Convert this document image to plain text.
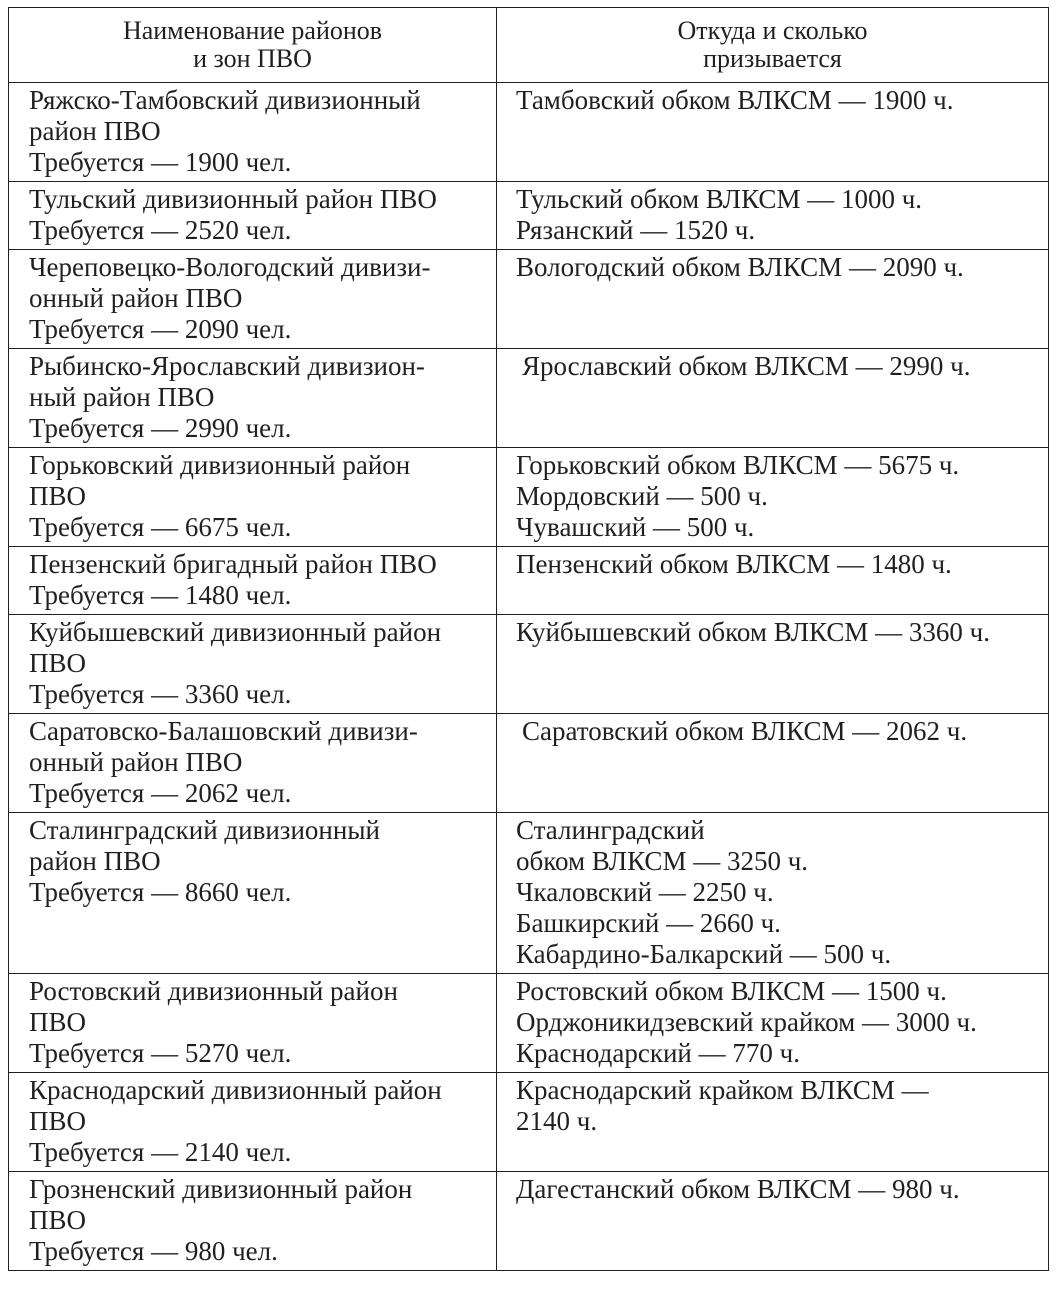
Наименование районов
и зон ПВО	Откуда и сколько
призывается

Ряжско-Тамбовский дивизионный
район ПВО
Требуется — 1900 чел.	Тамбовский обком ВЛКСМ — 1900 ч.

Тульский дивизионный район ПВО
Требуется — 2520 чел.	Тульский обком ВЛКСМ — 1000 ч.
Рязанский — 1520 ч.

Череповецко-Вологодский дивизи-
онный район ПВО
Требуется — 2090 чел.	Вологодский обком ВЛКСМ — 2090 ч.

Рыбинско-Ярославский дивизион-
ный район ПВО
Требуется — 2990 чел.	Ярославский обком ВЛКСМ — 2990 ч.

Горьковский дивизионный район
ПВО
Требуется — 6675 чел.	Горьковский обком ВЛКСМ — 5675 ч.
Мордовский — 500 ч.
Чувашский — 500 ч.

Пензенский бригадный район ПВО
Требуется — 1480 чел.	Пензенский обком ВЛКСМ — 1480 ч.

Куйбышевский дивизионный район
ПВО
Требуется — 3360 чел.	Куйбышевский обком ВЛКСМ — 3360 ч.

Саратовско-Балашовский дивизи-
онный район ПВО
Требуется — 2062 чел.	Саратовский обком ВЛКСМ — 2062 ч.

Сталинградский дивизионный
район ПВО
Требуется — 8660 чел.	Сталинградский
обком ВЛКСМ — 3250 ч.
Чкаловский — 2250 ч.
Башкирский — 2660 ч.
Кабардино-Балкарский — 500 ч.

Ростовский дивизионный район
ПВО
Требуется — 5270 чел.	Ростовский обком ВЛКСМ — 1500 ч.
Орджоникидзевский крайком — 3000 ч.
Краснодарский — 770 ч.

Краснодарский дивизионный район
ПВО
Требуется — 2140 чел.	Краснодарский крайком ВЛКСМ —
2140 ч.

Грозненский дивизионный район
ПВО
Требуется — 980 чел.	Дагестанский обком ВЛКСМ — 980 ч.
